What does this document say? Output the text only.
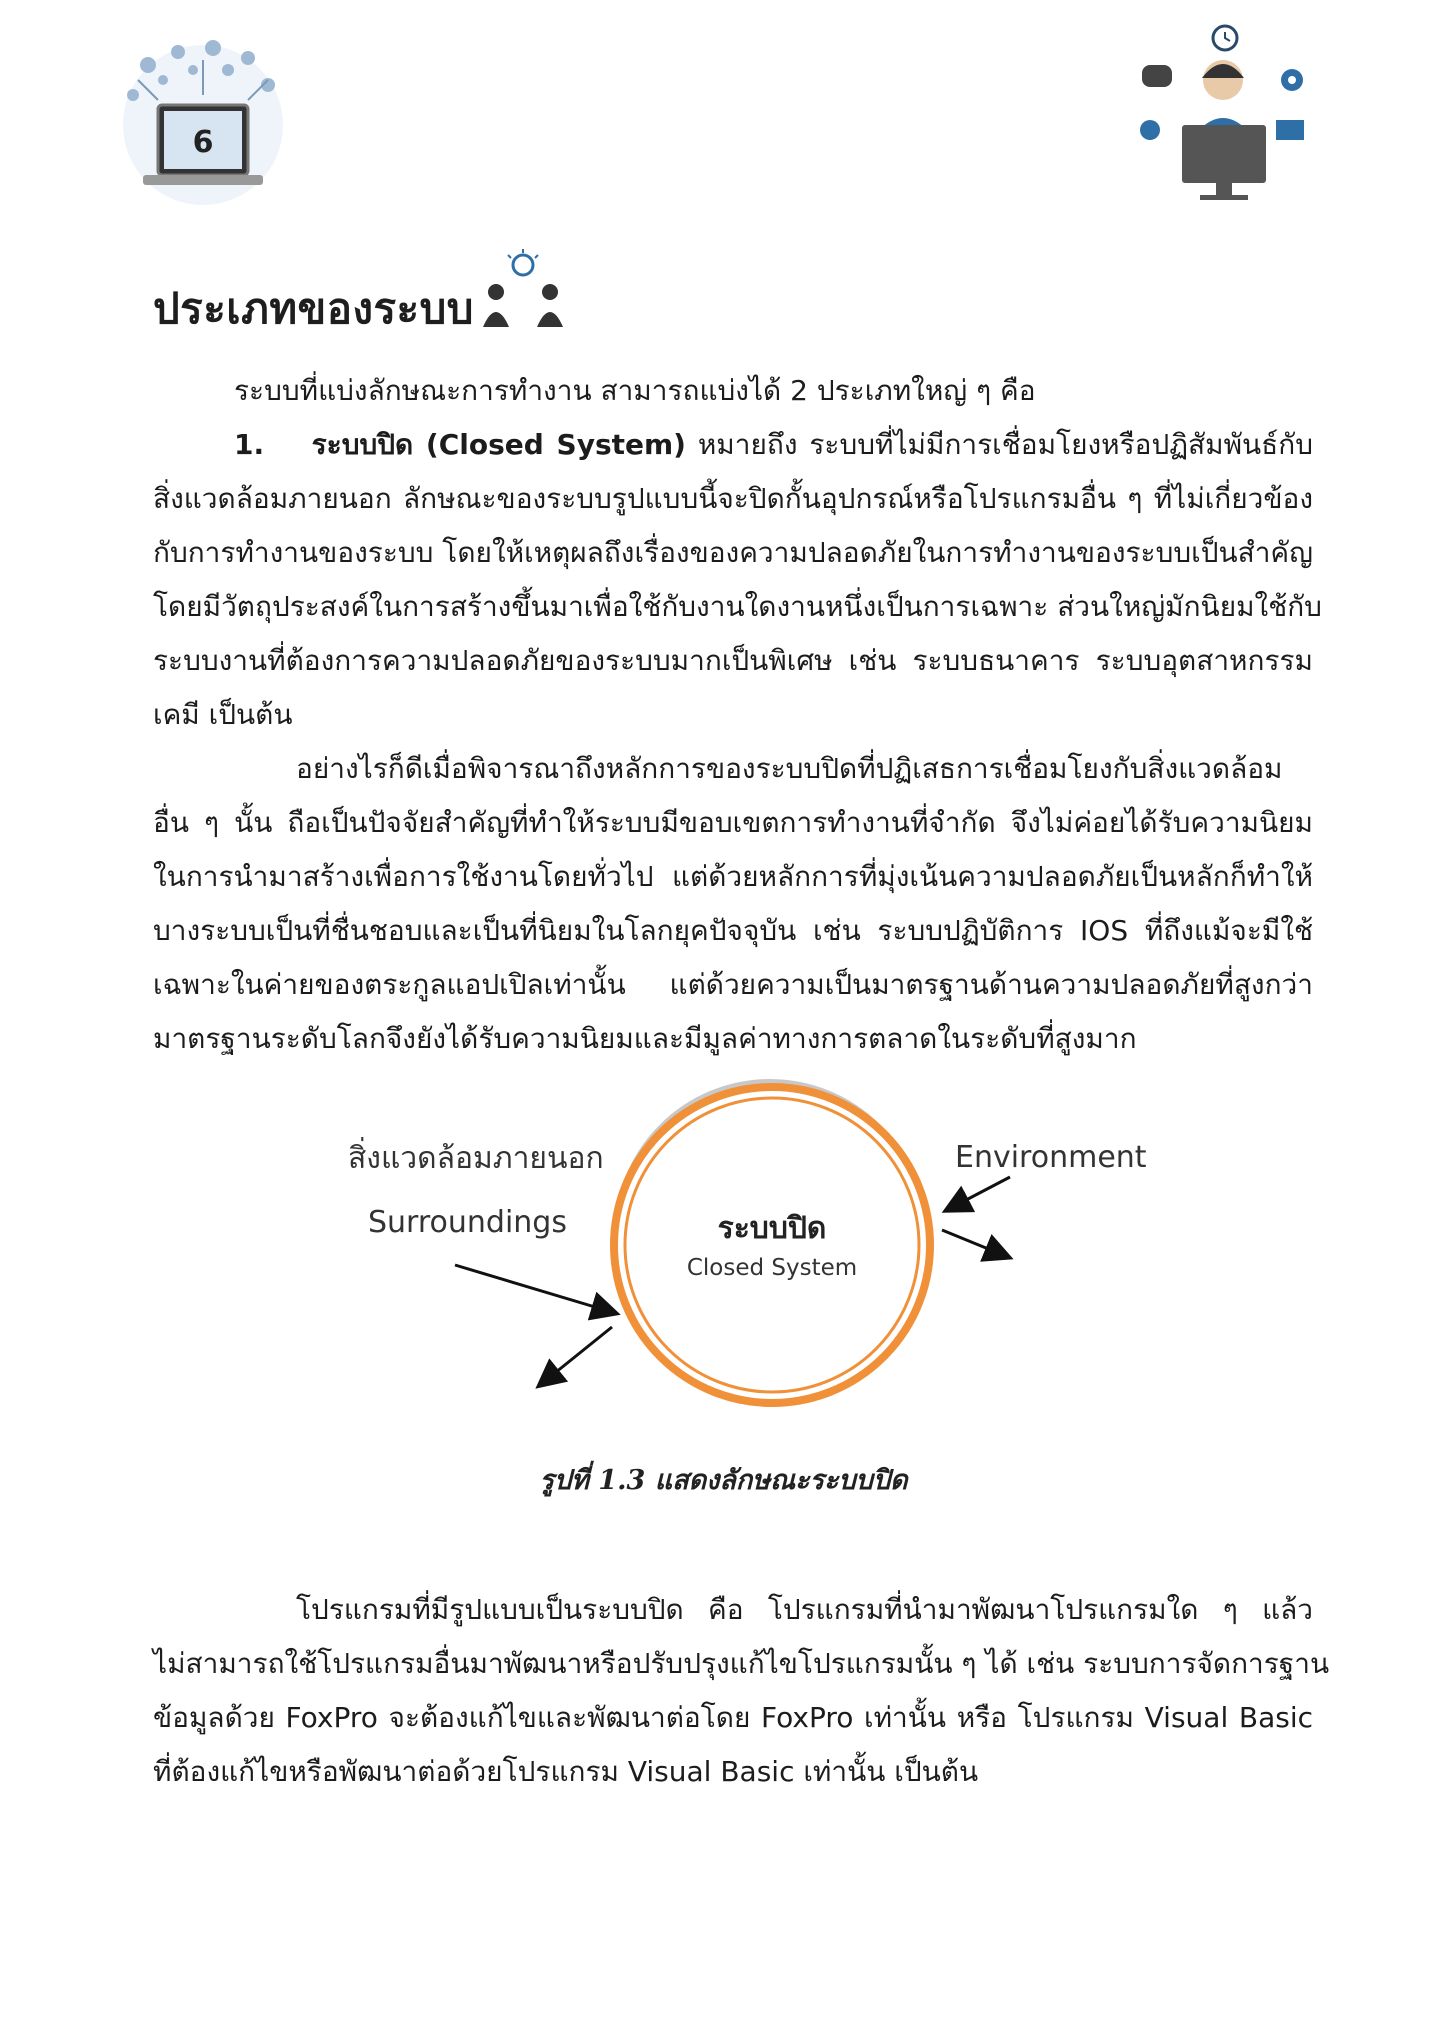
6
ประเภทของระบบ
ระบบที่แบ่งลักษณะการทำงาน สามารถแบ่งได้ 2 ประเภทใหญ่ ๆ คือ
1. ระบบปิด (Closed System) หมายถึง ระบบที่ไม่มีการเชื่อมโยงหรือปฏิสัมพันธ์กับ
สิ่งแวดล้อมภายนอก ลักษณะของระบบรูปแบบนี้จะปิดกั้นอุปกรณ์หรือโปรแกรมอื่น ๆ ที่ไม่เกี่ยวข้อง
กับการทำงานของระบบ โดยให้เหตุผลถึงเรื่องของความปลอดภัยในการทำงานของระบบเป็นสำคัญ
โดยมีวัตถุประสงค์ในการสร้างขึ้นมาเพื่อใช้กับงานใดงานหนึ่งเป็นการเฉพาะ ส่วนใหญ่มักนิยมใช้กับ
ระบบงานที่ต้องการความปลอดภัยของระบบมากเป็นพิเศษ เช่น ระบบธนาคาร ระบบอุตสาหกรรม
เคมี เป็นต้น
อย่างไรก็ดีเมื่อพิจารณาถึงหลักการของระบบปิดที่ปฏิเสธการเชื่อมโยงกับสิ่งแวดล้อม
อื่น ๆ นั้น ถือเป็นปัจจัยสำคัญที่ทำให้ระบบมีขอบเขตการทำงานที่จำกัด จึงไม่ค่อยได้รับความนิยม
ในการนำมาสร้างเพื่อการใช้งานโดยทั่วไป แต่ด้วยหลักการที่มุ่งเน้นความปลอดภัยเป็นหลักก็ทำให้
บางระบบเป็นที่ชื่นชอบและเป็นที่นิยมในโลกยุคปัจจุบัน เช่น ระบบปฏิบัติการ IOS ที่ถึงแม้จะมีใช้
เฉพาะในค่ายของตระกูลแอปเปิลเท่านั้น แต่ด้วยความเป็นมาตรฐานด้านความปลอดภัยที่สูงกว่า
มาตรฐานระดับโลกจึงยังได้รับความนิยมและมีมูลค่าทางการตลาดในระดับที่สูงมาก
สิ่งแวดล้อมภายนอก
Surroundings
Environment
ระบบปิด
Closed System
รูปที่ 1.3 แสดงลักษณะระบบปิด
โปรแกรมที่มีรูปแบบเป็นระบบปิด คือ โปรแกรมที่นำมาพัฒนาโปรแกรมใด ๆ แล้ว
ไม่สามารถใช้โปรแกรมอื่นมาพัฒนาหรือปรับปรุงแก้ไขโปรแกรมนั้น ๆ ได้ เช่น ระบบการจัดการฐาน
ข้อมูลด้วย FoxPro จะต้องแก้ไขและพัฒนาต่อโดย FoxPro เท่านั้น หรือ โปรแกรม Visual Basic
ที่ต้องแก้ไขหรือพัฒนาต่อด้วยโปรแกรม Visual Basic เท่านั้น เป็นต้น
